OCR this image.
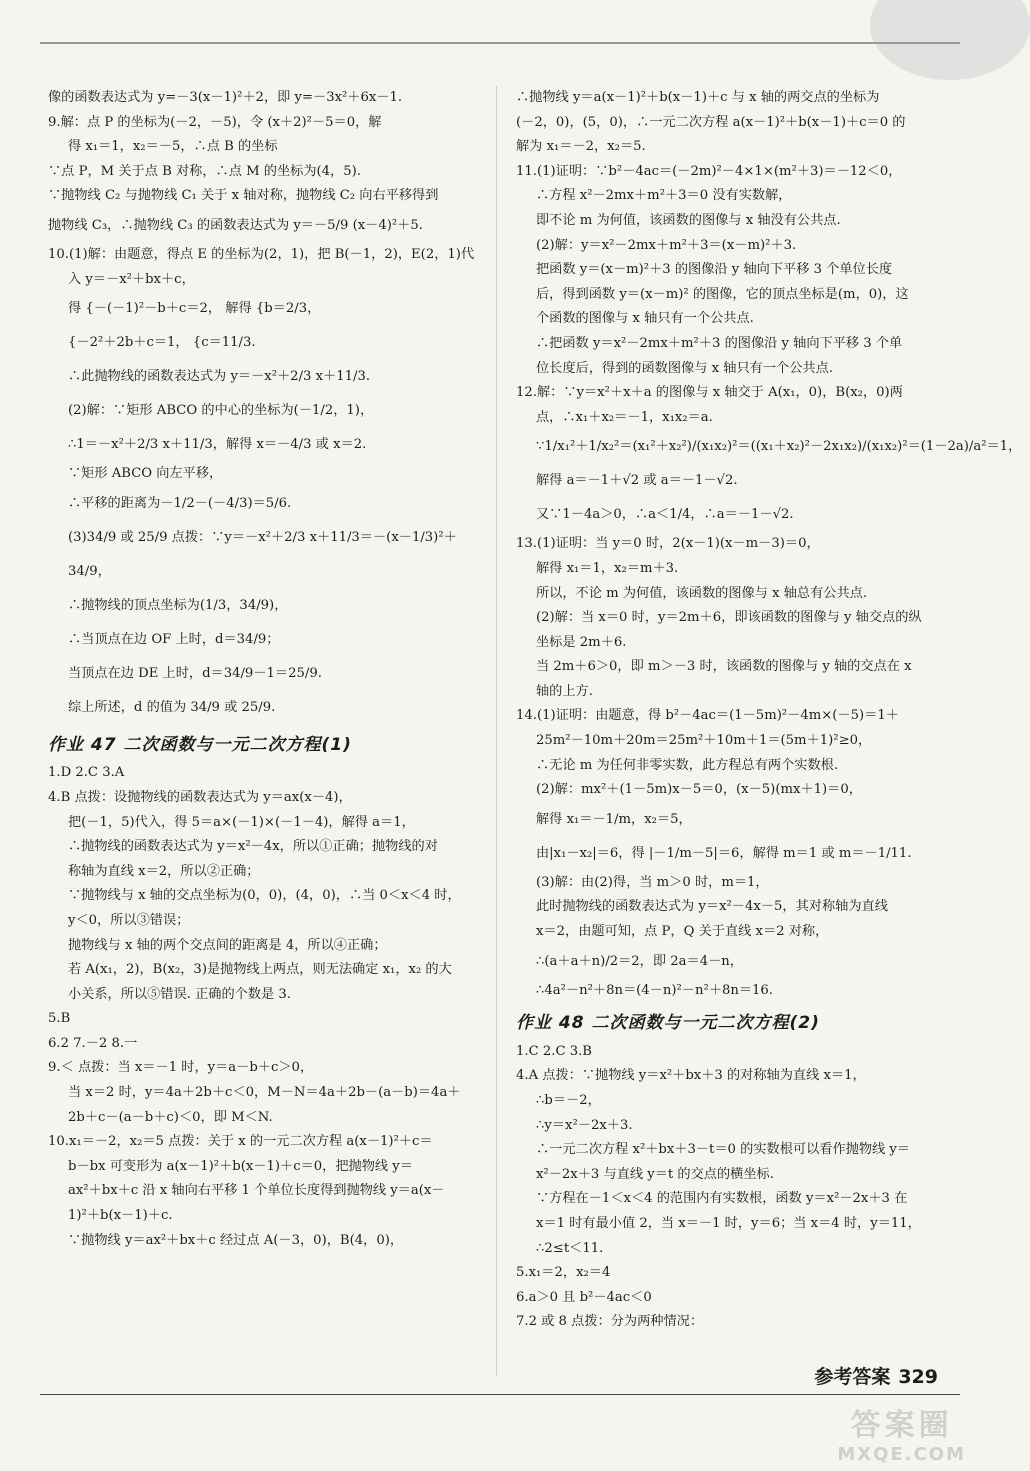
像的函数表达式为 y=－3(x－1)²＋2，即 y=－3x²＋6x－1.
9.解：点 P 的坐标为(－2，－5)，令 (x＋2)²－5＝0，解
得 x₁＝1，x₂＝－5，∴点 B 的坐标
∵点 P，M 关于点 B 对称，∴点 M 的坐标为(4，5).
∵抛物线 C₂ 与抛物线 C₁ 关于 x 轴对称，抛物线 C₂ 向右平移得到
抛物线 C₃，∴抛物线 C₃ 的函数表达式为 y＝－5/9 (x－4)²＋5.
10.(1)解：由题意，得点 E 的坐标为(2，1)，把 B(－1，2)，E(2，1)代
入 y＝－x²＋bx＋c，
得 {－(－1)²－b＋c＝2， 解得 {b＝2/3，
{－2²＋2b＋c＝1， {c＝11/3.
∴此抛物线的函数表达式为 y＝－x²＋2/3 x＋11/3.
(2)解：∵矩形 ABCO 的中心的坐标为(－1/2，1)，
∴1＝－x²＋2/3 x＋11/3，解得 x＝－4/3 或 x＝2.
∵矩形 ABCO 向左平移，
∴平移的距离为－1/2－(－4/3)＝5/6.
(3)34/9 或 25/9 点拨：∵y＝－x²＋2/3 x＋11/3＝－(x－1/3)²＋
34/9，
∴抛物线的顶点坐标为(1/3，34/9)，
∴当顶点在边 OF 上时，d＝34/9；
当顶点在边 DE 上时，d＝34/9－1＝25/9.
综上所述，d 的值为 34/9 或 25/9.
作业 47 二次函数与一元二次方程(1)
1.D 2.C 3.A
4.B 点拨：设抛物线的函数表达式为 y＝ax(x－4)，
把(－1，5)代入，得 5＝a×(－1)×(－1－4)，解得 a＝1，
∴抛物线的函数表达式为 y＝x²－4x，所以①正确；抛物线的对
称轴为直线 x＝2，所以②正确；
∵抛物线与 x 轴的交点坐标为(0，0)，(4，0)，∴当 0＜x＜4 时，
y＜0，所以③错误；
抛物线与 x 轴的两个交点间的距离是 4，所以④正确；
若 A(x₁，2)，B(x₂，3)是抛物线上两点，则无法确定 x₁，x₂ 的大
小关系，所以⑤错误. 正确的个数是 3.
5.B
6.2 7.－2 8.一
9.＜ 点拨：当 x＝－1 时，y＝a－b＋c＞0，
当 x＝2 时，y＝4a＋2b＋c＜0，M－N＝4a＋2b－(a－b)＝4a＋
2b＋c－(a－b＋c)＜0，即 M＜N.
10.x₁＝－2，x₂＝5 点拨：关于 x 的一元二次方程 a(x－1)²＋c＝
b－bx 可变形为 a(x－1)²＋b(x－1)＋c＝0，把抛物线 y＝
ax²＋bx＋c 沿 x 轴向右平移 1 个单位长度得到抛物线 y＝a(x－
1)²＋b(x－1)＋c.
∵抛物线 y＝ax²＋bx＋c 经过点 A(－3，0)，B(4，0)，
∴抛物线 y＝a(x－1)²＋b(x－1)＋c 与 x 轴的两交点的坐标为
(－2，0)，(5，0)，∴一元二次方程 a(x－1)²＋b(x－1)＋c＝0 的
解为 x₁＝－2，x₂＝5.
11.(1)证明：∵b²－4ac＝(－2m)²－4×1×(m²＋3)＝－12＜0，
∴方程 x²－2mx＋m²＋3＝0 没有实数解，
即不论 m 为何值，该函数的图像与 x 轴没有公共点.
(2)解：y＝x²－2mx＋m²＋3＝(x－m)²＋3.
把函数 y＝(x－m)²＋3 的图像沿 y 轴向下平移 3 个单位长度
后，得到函数 y＝(x－m)² 的图像，它的顶点坐标是(m，0)，这
个函数的图像与 x 轴只有一个公共点.
∴把函数 y＝x²－2mx＋m²＋3 的图像沿 y 轴向下平移 3 个单
位长度后，得到的函数图像与 x 轴只有一个公共点.
12.解：∵y＝x²＋x＋a 的图像与 x 轴交于 A(x₁，0)，B(x₂，0)两
点，∴x₁＋x₂＝－1，x₁x₂＝a.
∵1/x₁²＋1/x₂²＝(x₁²＋x₂²)/(x₁x₂)²＝((x₁＋x₂)²－2x₁x₂)/(x₁x₂)²＝(1－2a)/a²＝1，
解得 a＝－1＋√2 或 a＝－1－√2.
又∵1－4a＞0，∴a＜1/4，∴a＝－1－√2.
13.(1)证明：当 y＝0 时，2(x－1)(x－m－3)＝0，
解得 x₁＝1，x₂＝m＋3.
所以，不论 m 为何值，该函数的图像与 x 轴总有公共点.
(2)解：当 x＝0 时，y＝2m＋6，即该函数的图像与 y 轴交点的纵
坐标是 2m＋6.
当 2m＋6＞0，即 m＞－3 时，该函数的图像与 y 轴的交点在 x
轴的上方.
14.(1)证明：由题意，得 b²－4ac＝(1－5m)²－4m×(－5)＝1＋
25m²－10m＋20m＝25m²＋10m＋1＝(5m＋1)²≥0，
∴无论 m 为任何非零实数，此方程总有两个实数根.
(2)解：mx²＋(1－5m)x－5＝0，(x－5)(mx＋1)＝0，
解得 x₁＝－1/m，x₂＝5，
由|x₁－x₂|＝6，得 |－1/m－5|＝6，解得 m＝1 或 m＝－1/11.
(3)解：由(2)得，当 m＞0 时，m＝1，
此时抛物线的函数表达式为 y＝x²－4x－5，其对称轴为直线
x＝2，由题可知，点 P，Q 关于直线 x＝2 对称，
∴(a＋a＋n)/2＝2，即 2a＝4－n，
∴4a²－n²＋8n＝(4－n)²－n²＋8n＝16.
作业 48 二次函数与一元二次方程(2)
1.C 2.C 3.B
4.A 点拨：∵抛物线 y＝x²＋bx＋3 的对称轴为直线 x＝1，
∴b＝－2，
∴y＝x²－2x＋3.
∴一元二次方程 x²＋bx＋3－t＝0 的实数根可以看作抛物线 y＝
x²－2x＋3 与直线 y＝t 的交点的横坐标.
∵方程在－1＜x＜4 的范围内有实数根，函数 y＝x²－2x＋3 在
x＝1 时有最小值 2，当 x＝－1 时，y＝6；当 x＝4 时，y＝11，
∴2≤t＜11.
5.x₁＝2，x₂＝4
6.a＞0 且 b²－4ac＜0
7.2 或 8 点拨：分为两种情况：
参考答案 329
答案圈
MXQE.COM
